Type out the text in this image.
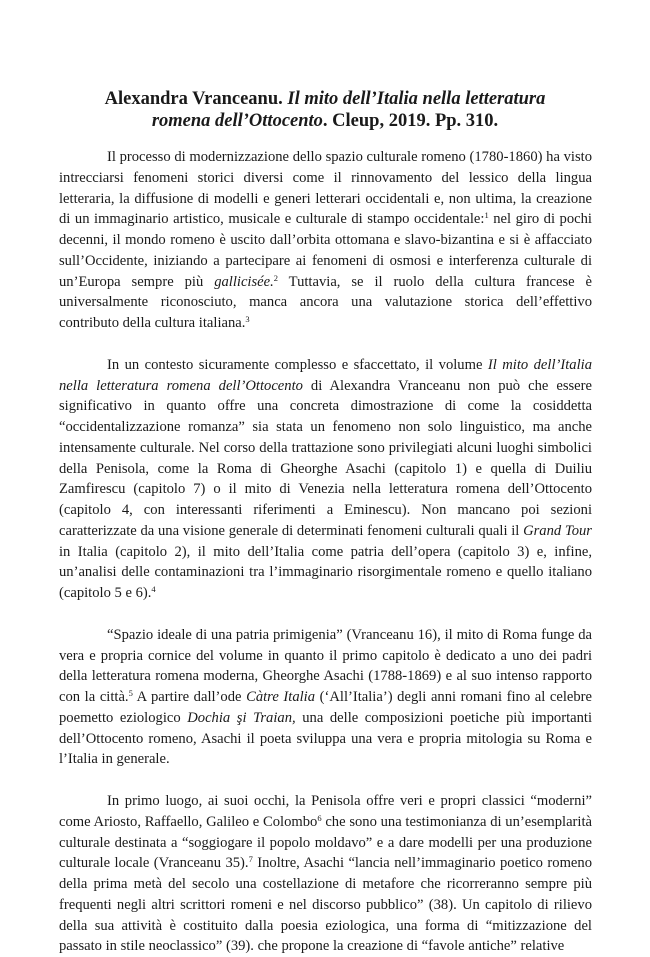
Alexandra Vranceanu. Il mito dell’Italia nella letteratura
romena dell’Ottocento. Cleup, 2019. Pp. 310.

Il processo di modernizzazione dello spazio culturale romeno (1780-1860) ha visto intrecciarsi fenomeni storici diversi come il rinnovamento del lessico della lingua letteraria, la diffusione di modelli e generi letterari occidentali e, non ultima, la creazione di un immaginario artistico, musicale e culturale di stampo occidentale:$^1$ nel giro di pochi decenni, il mondo romeno è uscito dall’orbita ottomana e slavo-bizantina e si è affacciato sull’Occidente, iniziando a partecipare ai fenomeni di osmosi e interferenza culturale di un’Europa sempre più gallicisée.$^2$ Tuttavia, se il ruolo della cultura francese è universalmente riconosciuto, manca ancora una valutazione storica dell’effettivo contributo della cultura italiana.$^3$

In un contesto sicuramente complesso e sfaccettato, il volume Il mito dell’Italia nella letteratura romena dell’Ottocento di Alexandra Vranceanu non può che essere significativo in quanto offre una concreta dimostrazione di come la cosiddetta “occidentalizzazione romanza” sia stata un fenomeno non solo linguistico, ma anche intensamente culturale. Nel corso della trattazione sono privilegiati alcuni luoghi simbolici della Penisola, come la Roma di Gheorghe Asachi (capitolo 1) e quella di Duiliu Zamfirescu (capitolo 7) o il mito di Venezia nella letteratura romena dell’Ottocento (capitolo 4, con interessanti riferimenti a Eminescu). Non mancano poi sezioni caratterizzate da una visione generale di determinati fenomeni culturali quali il Grand Tour in Italia (capitolo 2), il mito dell’Italia come patria dell’opera (capitolo 3) e, infine, un’analisi delle contaminazioni tra l’immaginario risorgimentale romeno e quello italiano (capitolo 5 e 6).$^4$

“Spazio ideale di una patria primigenia” (Vranceanu 16), il mito di Roma funge da vera e propria cornice del volume in quanto il primo capitolo è dedicato a uno dei padri della letteratura romena moderna, Gheorghe Asachi (1788-1869) e al suo intenso rapporto con la città.$^5$ A partire dall’ode Càtre Italia (‘All’Italia’) degli anni romani fino al celebre poemetto eziologico Dochia şi Traian, una delle composizioni poetiche più importanti dell’Ottocento romeno, Asachi il poeta sviluppa una vera e propria mitologia su Roma e l’Italia in generale.

In primo luogo, ai suoi occhi, la Penisola offre veri e propri classici “moderni” come Ariosto, Raffaello, Galileo e Colombo$^6$ che sono una testimonianza di un’esemplarità culturale destinata a “soggiogare il popolo moldavo” e a dare modelli per una produzione culturale locale (Vranceanu 35).$^7$ Inoltre, Asachi “lancia nell’immaginario poetico romeno della prima metà del secolo una costellazione di metafore che ricorreranno sempre più frequenti negli altri scrittori romeni e nel discorso pubblico” (38). Un capitolo di rilievo della sua attività è costituito dalla poesia eziologica, una forma di “mitizzazione del passato in stile neoclassico” (39). che propone la creazione di “favole antiche” relative
